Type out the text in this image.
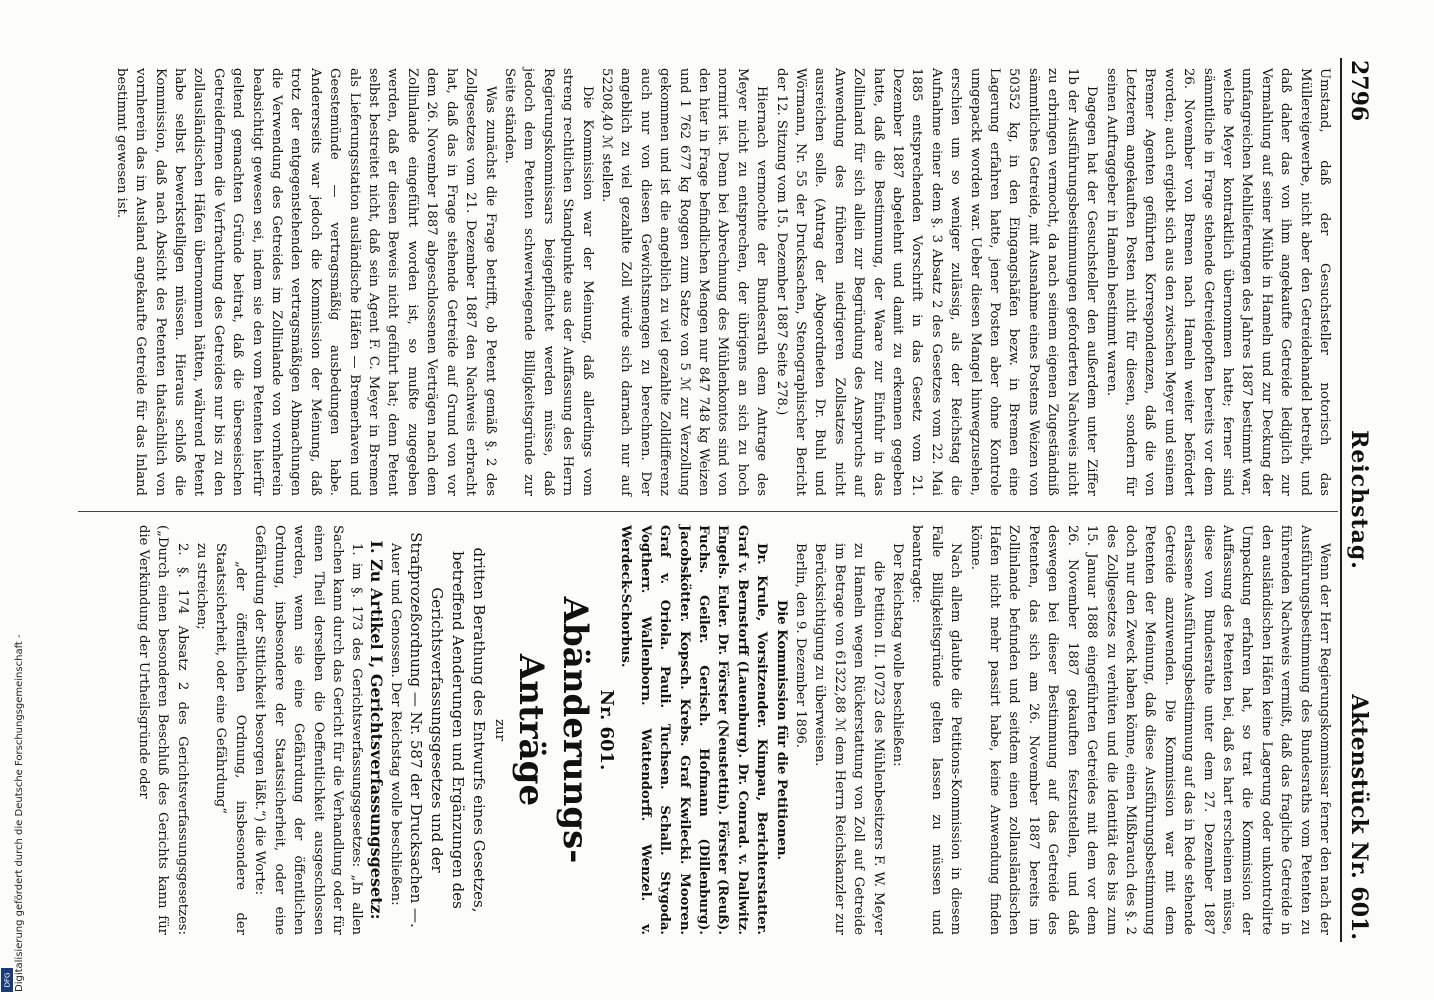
2796
Reichstag.
Aktenstück Nr. 601.

Umstand, daß der Gesuchsteller notorisch das Müllereigewerbe, nicht aber den Getreidehandel betreibt, und daß daher das von ihm angekaufte Getreide lediglich zur Vermahlung auf seiner Mühle in Hameln und zur Deckung der umfangreichen Mehllieferungen des Jahres 1887 bestimmt war, welche Meyer kontraktlich übernommen hatte; ferner sind sämmtliche in Frage stehende Getreidepoften bereits vor dem 26. November von Bremen nach Hameln weiter befördert worden; auch ergiebt sich aus den zwischen Meyer und seinem Bremer Agenten geführten Korrespondenzen, daß die von Letzterem angekauften Posten nicht für diesen, sondern für seinen Auftraggeber in Hameln bestimmt waren.

Dagegen hat der Gesuchsteller den außerdem unter Ziffer 1b der Ausführungsbestimmungen geforderten Nachweis nicht zu erbringen vermocht, da nach seinem eigenen Zugeständniß sämmtliches Getreide, mit Ausnahme eines Postens Weizen von 50352 kg, in den Eingangshäfen bezw. in Bremen eine Lagerung erfahren hatte, jener Posten aber ohne Kontrole umgepackt worden war. Ueber diesen Mangel hinwegzusehen, erschien um so weniger zulässig, als der Reichstag die Aufnahme einer dem §. 3 Absatz 2 des Gesetzes vom 22. Mai 1885 entsprechenden Vorschrift in das Gesetz vom 21. Dezember 1887 abgelehnt und damit zu erkennen gegeben hatte, daß die Bestimmung, der Waare zur Einfuhr in das Zollinland für sich allein zur Begründung des Anspruchs auf Anwendung des früheren niedrigeren Zollsatzes nicht ausreichen solle. (Antrag der Abgeordneten Dr. Buhl und Wörmann, Nr. 55 der Drucksachen, Stenographischer Bericht der 12. Sitzung vom 15. Dezember 1887 Seite 278.)

Hiernach vermochte der Bundesrath dem Antrage des Meyer nicht zu entsprechen, der übrigens an sich zu hoch normirt ist. Denn bei Abrechnung des Mühlenkontos sind von den hier in Frage befindlichen Mengen nur 847 748 kg Weizen und 1 762 677 kg Roggen zum Satze von 5 ℳ zur Verzollung gekommen und ist die angeblich zu viel gezahlte Zolldifferenz auch nur von diesen Gewichtsmengen zu berechnen. Der angeblich zu viel gezahlte Zoll würde sich darnach nur auf 52208,40 ℳ stellen.

Die Kommission war der Meinung, daß allerdings vom streng rechtlichen Standpunkte aus der Auffassung des Herrn Regierungskommissars beigepflichtet werden müsse, daß jedoch dem Petenten schwerwiegende Billigkeitsgründe zur Seite ständen.

Was zunächst die Frage betrifft, ob Petent gemäß §. 2 des Zollgesetzes vom 21. Dezember 1887 den Nachweis erbracht hat, daß das in Frage stehende Getreide auf Grund von vor dem 26. November 1887 abgeschlossenen Verträgen nach dem Zollinlande eingeführt worden ist, so mußte zugegeben werden, daß er diesen Beweis nicht geführt hat; denn Petent selbst bestreitet nicht, daß sein Agent F. C. Meyer in Bremen als Lieferungsstation ausländische Häfen — Bremerhaven und Geestemünde — vertragsmäßig ausbedungen habe. Andererseits war jedoch die Kommission der Meinung, daß trotz der entgegenstehenden vertragsmäßigen Abmachungen die Verwendung des Getreides im Zollinlande von vornherein beabsichtigt gewesen sei, indem sie den vom Petenten hierfür geltend gemachten Gründe beitrat, daß die überseeischen Getreidefirmen die Verfrachtung des Getreides nur bis zu den zollausländischen Häfen übernommen hätten, während Petent habe selbst bewerkstelligen müssen. Hieraus schloß die Kommission, daß nach Absicht des Petenten thatsächlich von vornherein das im Ausland angekaufte Getreide für das Inland bestimmt gewesen ist.

Wenn der Herr Regierungskommissar ferner den nach der Ausführungsbestimmung des Bundesraths vom Petenten zu führenden Nachweis vermißt, daß das fragliche Getreide in den ausländischen Häfen keine Lagerung oder unkontrolirte Umpackung erfahren hat, so trat die Kommission der Auffassung des Petenten bei, daß es hart erscheinen müsse, diese vom Bundesrathe unter dem 27. Dezember 1887 erlassene Ausführungsbestimmung auf das in Rede stehende Getreide anzuwenden. Die Kommission war mit dem Petenten der Meinung, daß diese Ausführungsbestimmung doch nur den Zweck haben könne, einen Mißbrauch des §. 2 des Zollgesetzes zu verhüten und die Identität des bis zum 15. Januar 1888 eingeführten Getreides mit dem vor dem 26. November 1887 gekauften festzustellen, und daß deswegen bei dieser Bestimmung auf das Getreide des Petenten, das sich am 26. November 1887 bereits im Zollinlande befunden und seitdem einen zollausländischen Hafen nicht mehr passirt habe, keine Anwendung finden könne.

Nach allem glaubte die Petitions-Kommission in diesem Falle Billigkeitsgründe gelten lassen zu müssen und beantragte:

Der Reichstag wolle beschließen:

die Petition II. 10723 des Mühlenbesitzers F. W. Meyer zu Hameln wegen Rückerstattung von Zoll auf Getreide im Betrage von 61322,88 ℳ dem Herrn Reichskanzler zur Berücksichtigung zu überweisen.

Berlin, den 9. Dezember 1896.

Die Kommission für die Petitionen.

Dr. Krule, Vorsitzender. Kimpau, Berichterstatter. Graf v. Bernstorff (Lauenburg). Dr. Conrad. v. Dallwitz. Engels. Euler. Dr. Förster (Neustettin). Förster (Reuß). Fuchs. Geiler. Gerisch. Hofmann (Dillenburg). Jacobskötter. Kopsch. Krebs. Graf Kwilecki. Mooren. Graf v. Oriola. Pauli. Tuchsen. Schall. Stygoda. Vogtherr. Wallenborn. Wattendorff. Wenzel. v. Werdeck-Schorbus.

Nr. 601.

Abänderungs-Anträge

zur

dritten Berathung des Entwurfs eines Gesetzes, betreffend Aenderungen und Ergänzungen des Gerichtsverfassungsgesetzes und der Strafprozeßordnung — Nr. 587 der Drucksachen —.

Auer und Genossen. Der Reichstag wolle beschließen:

I. Zu Artikel I, Gerichtsverfassungsgesetz:

1. im §. 173 des Gerichtsverfassungsgesetzes: „In allen Sachen kann durch das Gericht für die Verhandlung oder für einen Theil derselben die Oeffentlichkeit ausgeschlossen werden, wenn sie eine Gefährdung der öffentlichen Ordnung, insbesondere der Staatssicherheit, oder eine Gefährdung der Sittlichkeit besorgen läßt.“) die Worte:

„der öffentlichen Ordnung, insbesondere der Staatssicherheit, oder eine Gefährdung“

zu streichen;

2. §. 174 Absatz 2 des Gerichtsverfassungsgesetzes: („Durch einen besonderen Beschluß des Gerichts kann für die Verkündung der Urtheilsgründe oder

Digitalisierung gefördert durch die Deutsche Forschungsgemeinschaft -
DFG
